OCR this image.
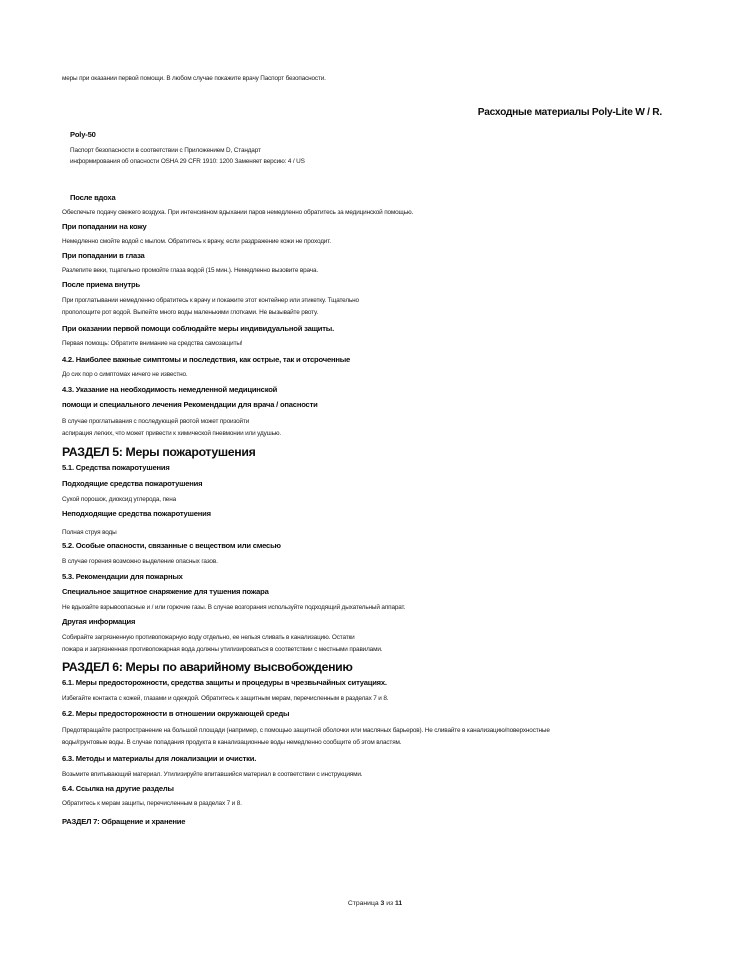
меры при оказании первой помощи. В любом случае покажите врачу Паспорт безопасности.
Расходные материалы Poly-Lite W / R.
Poly-50
Паспорт безопасности в соответствии с Приложением D, Стандарт
информирования об опасности OSHA 29 CFR 1910: 1200 Заменяет версию: 4 / US
После вдоха
Обеспечьте подачу свежего воздуха. При интенсивном вдыхании паров немедленно обратитесь за медицинской помощью.
При попадании на кожу
Немедленно смойте водой с мылом. Обратитесь к врачу, если раздражение кожи не проходит.
При попадании в глаза
Разлепите веки, тщательно промойте глаза водой (15 мин.). Немедленно вызовите врача.
После приема внутрь
При проглатывании немедленно обратитесь к врачу и покажите этот контейнер или этикетку. Тщательно
прополощите рот водой. Выпейте много воды маленькими глотками. Не вызывайте рвоту.
При оказании первой помощи соблюдайте меры индивидуальной защиты.
Первая помощь: Обратите внимание на средства самозащиты!
4.2. Наиболее важные симптомы и последствия, как острые, так и отсроченные
До сих пор о симптомах ничего не известно.
4.3. Указание на необходимость немедленной медицинской
помощи и специального лечения Рекомендации для врача / опасности
В случае проглатывания с последующей рвотой может произойти
аспирация легких, что может привести к химической пневмонии или удушью.
РАЗДЕЛ 5: Меры пожаротушения
5.1. Средства пожаротушения
Подходящие средства пожаротушения
Сухой порошок, диоксид углерода, пена
Неподходящие средства пожаротушения
Полная струя воды
5.2. Особые опасности, связанные с веществом или смесью
В случае горения возможно выделение опасных газов.
5.3. Рекомендации для пожарных
Специальное защитное снаряжение для тушения пожара
Не вдыхайте взрывоопасные и / или горючие газы. В случае возгорания используйте подходящий дыхательный аппарат.
Другая информация
Собирайте загрязненную противопожарную воду отдельно, ее нельзя сливать в канализацию. Остатки
пожара и загрязненная противопожарная вода должны утилизироваться в соответствии с местными правилами.
РАЗДЕЛ 6: Меры по аварийному высвобождению
6.1. Меры предосторожности, средства защиты и процедуры в чрезвычайных ситуациях.
Избегайте контакта с кожей, глазами и одеждой. Обратитесь к защитным мерам, перечисленным в разделах 7 и 8.
6.2. Меры предосторожности в отношении окружающей среды
Предотвращайте распространение на большой площади (например, с помощью защитной оболочки или масляных барьеров). Не сливайте в канализацию/поверхностные
воды/грунтовые воды. В случае попадания продукта в канализационные воды немедленно сообщите об этом властям.
6.3. Методы и материалы для локализации и очистки.
Возьмите впитывающий материал. Утилизируйте впитавшийся материал в соответствии с инструкциями.
6.4. Ссылка на другие разделы
Обратитесь к мерам защиты, перечисленным в разделах 7 и 8.
РАЗДЕЛ 7: Обращение и хранение
Страница 3 из 11
